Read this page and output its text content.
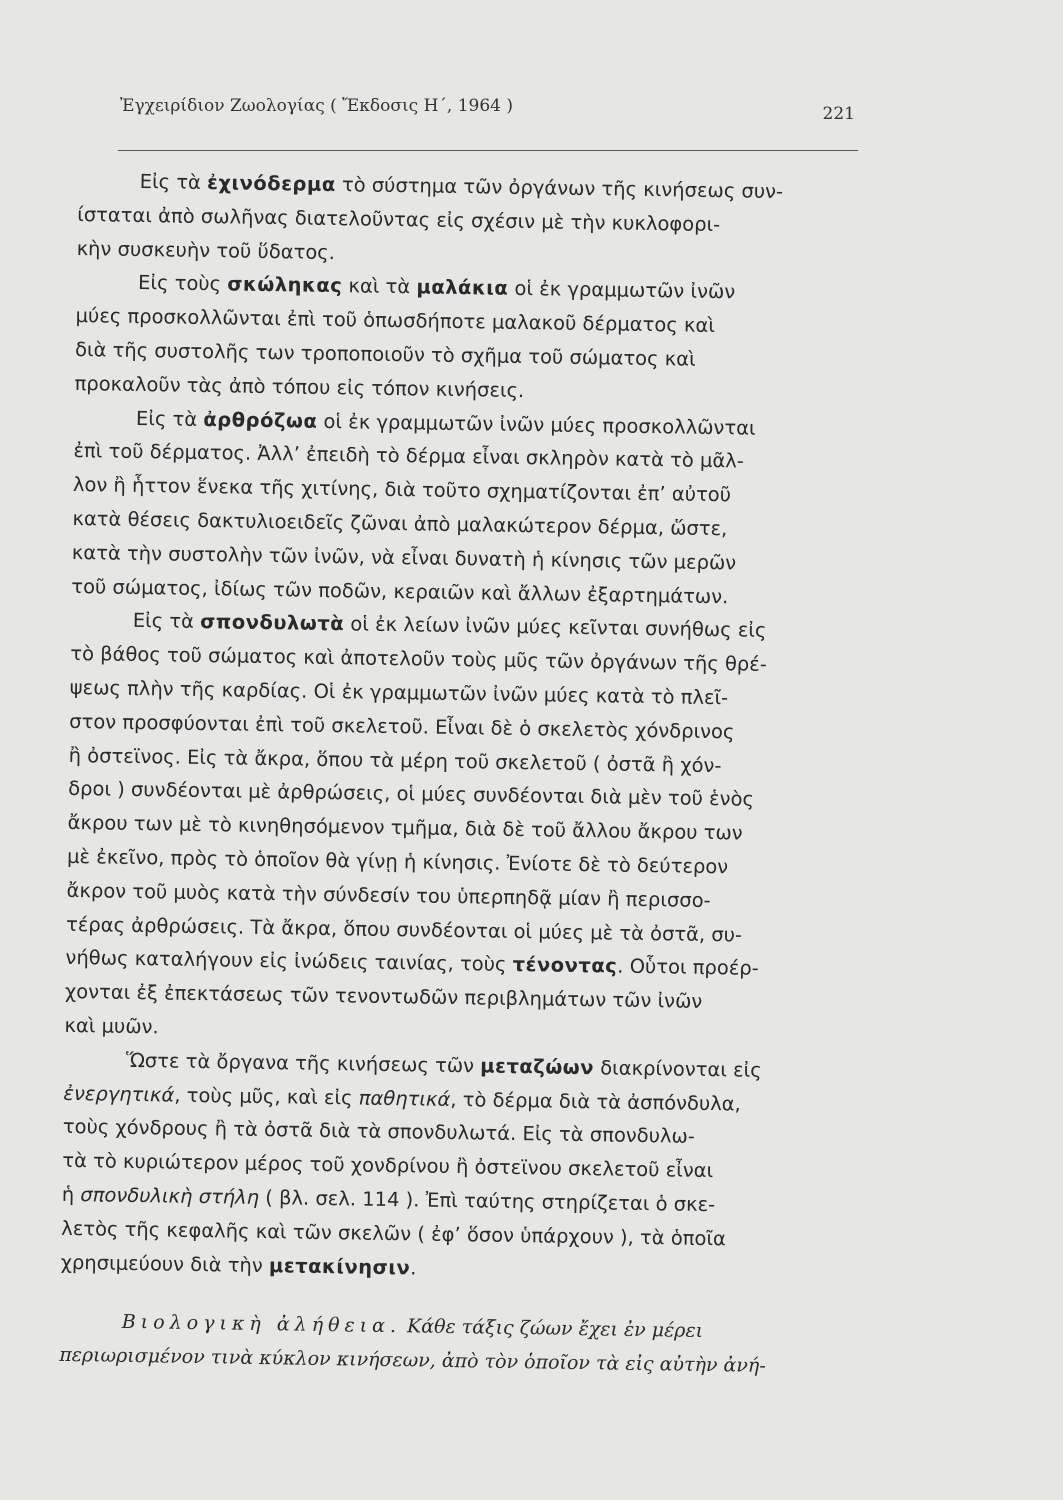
Ἐγχειρίδιον Ζωολογίας ( Ἔκδοσις Η΄, 1964 )	221
Εἰς τὰ ἐχινόδερμα τὸ σύστημα τῶν ὀργάνων τῆς κινήσεως συν-
ίσταται ἀπὸ σωλῆνας διατελοῦντας εἰς σχέσιν μὲ τὴν κυκλοφορι-
κὴν συσκευὴν τοῦ ὕδατος.
Εἰς τοὺς σκώληκας καὶ τὰ μαλάκια οἱ ἐκ γραμμωτῶν ἰνῶν
μύες προσκολλῶνται ἐπὶ τοῦ ὁπωσδήποτε μαλακοῦ δέρματος καὶ
διὰ τῆς συστολῆς των τροποποιοῦν τὸ σχῆμα τοῦ σώματος καὶ
προκαλοῦν τὰς ἀπὸ τόπου εἰς τόπον κινήσεις.
Εἰς τὰ ἀρθρόζωα οἱ ἐκ γραμμωτῶν ἰνῶν μύες προσκολλῶνται
ἐπὶ τοῦ δέρματος. Ἀλλ’ ἐπειδὴ τὸ δέρμα εἶναι σκληρὸν κατὰ τὸ μᾶλ-
λον ἢ ἧττον ἕνεκα τῆς χιτίνης, διὰ τοῦτο σχηματίζονται ἐπ’ αὐτοῦ
κατὰ θέσεις δακτυλιοειδεῖς ζῶναι ἀπὸ μαλακώτερον δέρμα, ὥστε,
κατὰ τὴν συστολὴν τῶν ἰνῶν, νὰ εἶναι δυνατὴ ἡ κίνησις τῶν μερῶν
τοῦ σώματος, ἰδίως τῶν ποδῶν, κεραιῶν καὶ ἄλλων ἐξαρτημάτων.
Εἰς τὰ σπονδυλωτὰ οἱ ἐκ λείων ἰνῶν μύες κεῖνται συνήθως εἰς
τὸ βάθος τοῦ σώματος καὶ ἀποτελοῦν τοὺς μῦς τῶν ὀργάνων τῆς θρέ-
ψεως πλὴν τῆς καρδίας. Οἱ ἐκ γραμμωτῶν ἰνῶν μύες κατὰ τὸ πλεῖ-
στον προσφύονται ἐπὶ τοῦ σκελετοῦ. Εἶναι δὲ ὁ σκελετὸς χόνδρινος
ἢ ὀστεϊνος. Εἰς τὰ ἄκρα, ὅπου τὰ μέρη τοῦ σκελετοῦ ( ὀστᾶ ἢ χόν-
δροι ) συνδέονται μὲ ἀρθρώσεις, οἱ μύες συνδέονται διὰ μὲν τοῦ ἑνὸς
ἄκρου των μὲ τὸ κινηθησόμενον τμῆμα, διὰ δὲ τοῦ ἄλλου ἄκρου των
μὲ ἐκεῖνο, πρὸς τὸ ὁποῖον θὰ γίνῃ ἡ κίνησις. Ἐνίοτε δὲ τὸ δεύτερον
ἄκρον τοῦ μυὸς κατὰ τὴν σύνδεσίν του ὑπερπηδᾷ μίαν ἢ περισσο-
τέρας ἀρθρώσεις. Τὰ ἄκρα, ὅπου συνδέονται οἱ μύες μὲ τὰ ὀστᾶ, συ-
νήθως καταλήγουν εἰς ἰνώδεις ταινίας, τοὺς τένοντας. Οὗτοι προέρ-
χονται ἐξ ἐπεκτάσεως τῶν τενοντωδῶν περιβλημάτων τῶν ἰνῶν
καὶ μυῶν.
Ὥστε τὰ ὄργανα τῆς κινήσεως τῶν μεταζώων διακρίνονται εἰς
ἐνεργητικά, τοὺς μῦς, καὶ εἰς παθητικά, τὸ δέρμα διὰ τὰ ἀσπόνδυλα,
τοὺς χόνδρους ἢ τὰ ὀστᾶ διὰ τὰ σπονδυλωτά. Εἰς τὰ σπονδυλω-
τὰ τὸ κυριώτερον μέρος τοῦ χονδρίνου ἢ ὀστεϊνου σκελετοῦ εἶναι
ἡ σπονδυλικὴ στήλη ( βλ. σελ. 114 ). Ἐπὶ ταύτης στηρίζεται ὁ σκε-
λετὸς τῆς κεφαλῆς καὶ τῶν σκελῶν ( ἐφ’ ὅσον ὑπάρχουν ), τὰ ὁποῖα
χρησιμεύουν διὰ τὴν μετακίνησιν.
Βιολογικὴ ἀλήθεια. Κάθε τάξις ζώων ἔχει ἐν μέρει
περιωρισμένον τινὰ κύκλον κινήσεων, ἀπὸ τὸν ὁποῖον τὰ εἰς αὐτὴν ἀνή-
